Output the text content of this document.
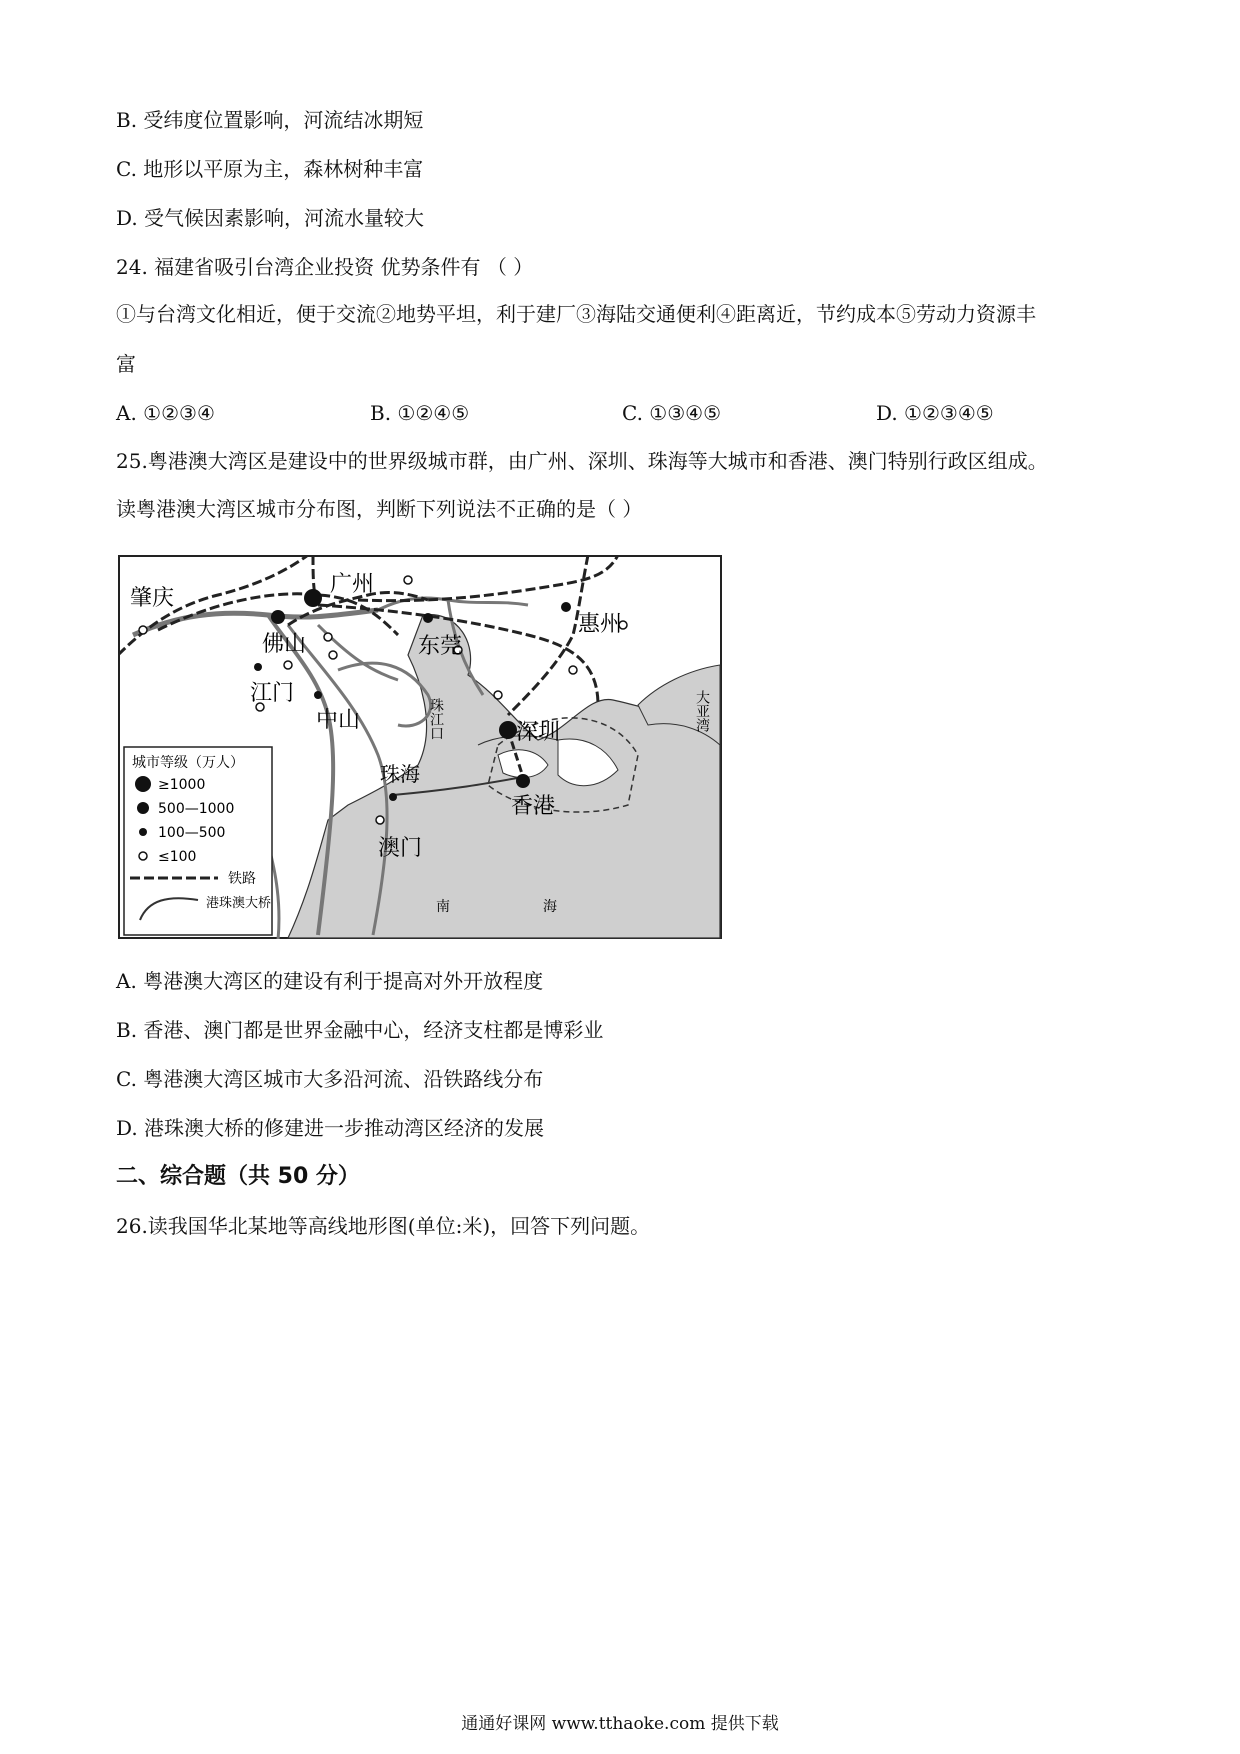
B. 受纬度位置影响，河流结冰期短
C. 地形以平原为主，森林树种丰富
D. 受气候因素影响，河流水量较大
24. 福建省吸引台湾企业投资 优势条件有 （ ）
①与台湾文化相近，便于交流②地势平坦，利于建厂③海陆交通便利④距离近，节约成本⑤劳动力资源丰
富
A. ①②③④	B. ①②④⑤	C. ①③④⑤	D. ①②③④⑤
25.粤港澳大湾区是建设中的世界级城市群，由广州、深圳、珠海等大城市和香港、澳门特别行政区组成。
读粤港澳大湾区城市分布图，判断下列说法不正确的是（ ）
广州
肇庆
佛山	东莞
惠州
江门
中山	深圳
珠海
香港
澳门
珠江口
南	海
大亚湾
城市等级（万人）
≥1000
500—1000
100—500
≤100
铁路
港珠澳大桥
A. 粤港澳大湾区的建设有利于提高对外开放程度
B. 香港、澳门都是世界金融中心，经济支柱都是博彩业
C. 粤港澳大湾区城市大多沿河流、沿铁路线分布
D. 港珠澳大桥的修建进一步推动湾区经济的发展
二、综合题（共 50 分）
26.读我国华北某地等高线地形图(单位:米)，回答下列问题。
通通好课网 www.tthaoke.com 提供下载
